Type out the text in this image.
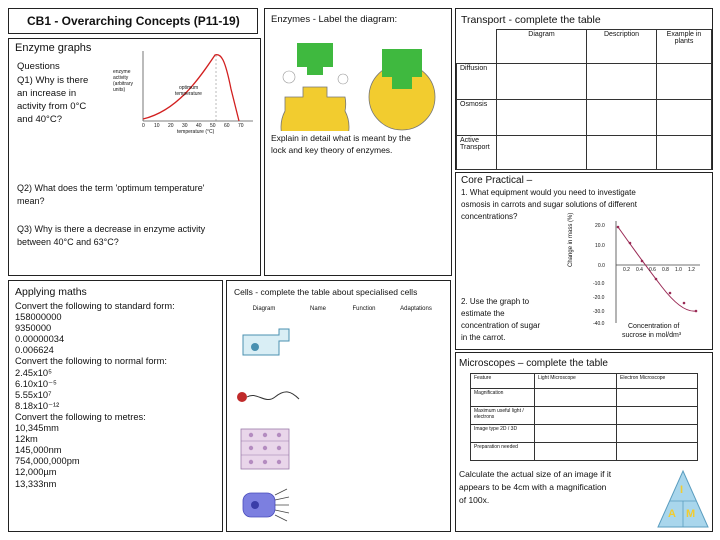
CB1 - Overarching Concepts (P11-19)
Enzyme graphs
Questions
Q1) Why is there
an increase in
activity from 0°C
and 40°C?
enzyme
activity
(arbitrary
units)	optimum
temperature
0 10 20 30 40 50 60 70
temperature (°C)
Q2) What does the term 'optimum temperature'
mean?
Q3) Why is there a decrease in enzyme activity
between 40°C and 63°C?
Enzymes - Label the diagram:
Explain in detail what is meant by the
lock and key theory of enzymes.
Transport - complete the table
	Diagram	Description	Example in plants
Diffusion			
Osmosis			
Active Transport			
Core Practical –
1. What equipment would you need to investigate
osmosis in carrots and sugar solutions of different
concentrations?
2. Use the graph to
estimate the
concentration of sugar
in the carrot.
Change in mass (%)	20.0
10.0
0.0
-10.0
-20.0
-30.0
-40.0
0.2 0.4 0.6 0.8 1.0 1.2
Concentration of
sucrose in mol/dm³
Applying maths
Convert the following to standard form:
158000000
9350000
0.00000034
0.006624
Convert the following to normal form:
2.45x10⁵
6.10x10⁻⁵
5.55x10⁷
8.18x10⁻¹²
Convert the following to metres:
10,345mm
12km
145,000nm
754,000,000pm
12,000µm
13,333nm
Cells - complete the table about specialised cells
Diagram	Name	Function	Adaptations
Microscopes – complete the table
Feature	Light Microscope	Electron Microscope
Magnification		
Maximum useful light / electrons		
Image type 2D / 3D		
Preparation needed		
Calculate the actual size of an image if it
appears to be 4cm with a magnification
of 100x.
I
A M
